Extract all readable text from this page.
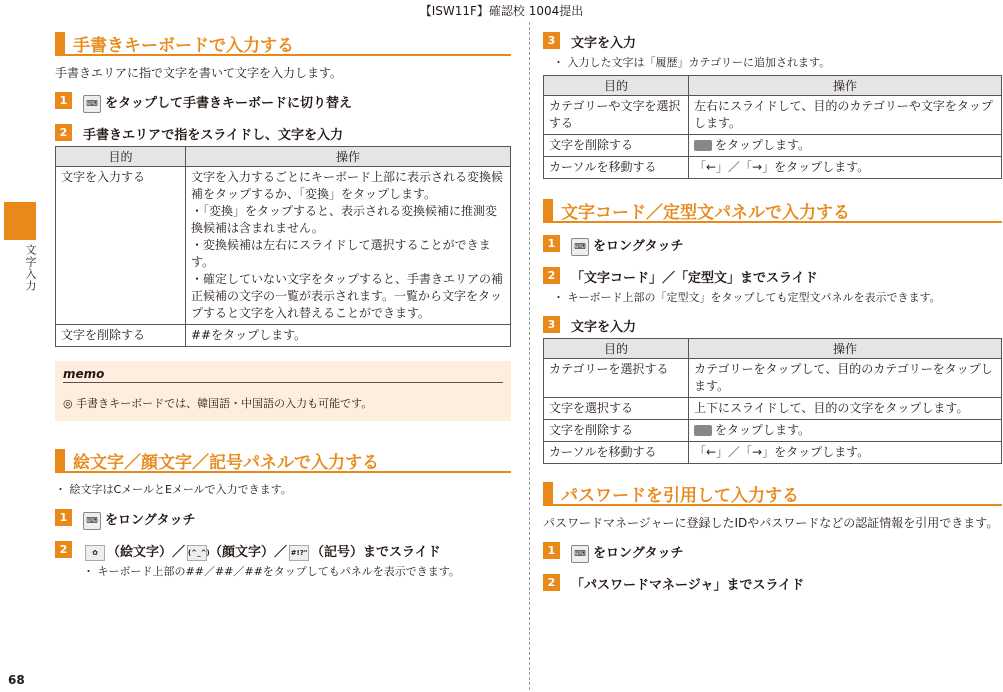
【ISW11F】確認校 1004提出
文字入力
68
手書きキーボードで入力する
手書きエリアに指で文字を書いて文字を入力します。
1	⌨ をタップして手書きキーボードに切り替え
2	手書きエリアで指をスライドし、文字を入力
目的	操作
文字を入力する	文字を入力するごとにキーボード上部に表示される変換候補をタップするか、「変換」をタップします。
・「変換」をタップすると、表示される変換候補に推測変換候補は含まれません。
・変換候補は左右にスライドして選択することができます。
・確定していない文字をタップすると、手書きエリアの補正候補の文字の一覧が表示されます。一覧から文字をタップすると文字を入れ替えることができます。

文字を削除する	##をタップします。
memo
◎ 手書きキーボードでは、韓国語・中国語の入力も可能です。
絵文字／顔文字／記号パネルで入力する
・ 絵文字はCメールとEメールで入力できます。
1	⌨ をロングタッチ
2	✿ （絵文字）／ (^_^)（顔文字）／ #!?" （記号）までスライド
・ キーボード上部の##／##／##をタップしてもパネルを表示できます。
3	文字を入力
・ 入力した文字は「履歴」カテゴリーに追加されます。
目的	操作
カテゴリーや文字を選択する	左右にスライドして、目的のカテゴリーや文字をタップします。
文字を削除する	をタップします。
カーソルを移動する	「←」／「→」をタップします。
文字コード／定型文パネルで入力する
1	⌨ をロングタッチ
2	「文字コード」／「定型文」までスライド
・ キーボード上部の「定型文」をタップしても定型文パネルを表示できます。
3	文字を入力
目的	操作
カテゴリーを選択する	カテゴリーをタップして、目的のカテゴリーをタップします。
文字を選択する	上下にスライドして、目的の文字をタップします。
文字を削除する	をタップします。
カーソルを移動する	「←」／「→」をタップします。
パスワードを引用して入力する
パスワードマネージャーに登録したIDやパスワードなどの認証情報を引用できます。
1	⌨ をロングタッチ
2	「パスワードマネージャ」までスライド
